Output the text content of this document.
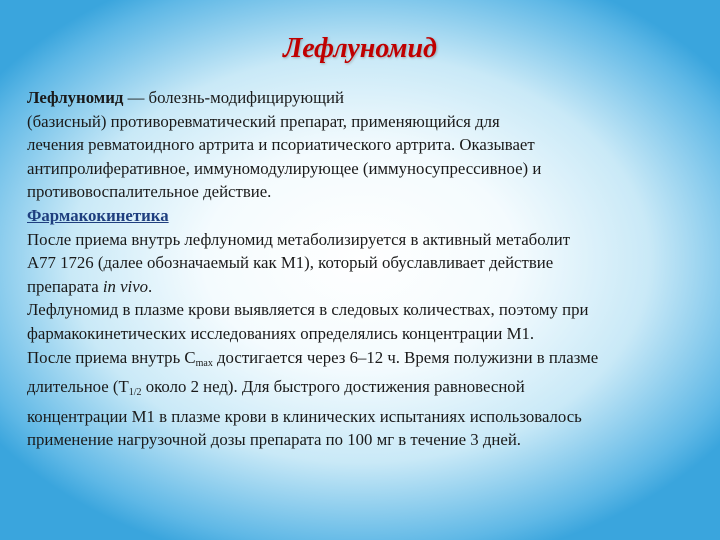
Лефлуномид
Лефлуномид — болезнь-модифицирующий
(базисный) противоревматический препарат, применяющийся для
лечения ревматоидного артрита и псориатического артрита. Оказывает
антипролиферативное, иммуномодулирующее (иммуносупрессивное) и
противовоспалительное действие.
Фармакокинетика
После приема внутрь лефлуномид метаболизируется в активный метаболит
A77 1726 (далее обозначаемый как М1), который обуславливает действие
препарата in vivo.
Лефлуномид в плазме крови выявляется в следовых количествах, поэтому при
фармакокинетических исследованиях определялись концентрации М1.
После приема внутрь $С_{max}$ достигается через 6–12 ч. Время полужизни в плазме
длительное ($Т_{1/2}$ около 2 нед). Для быстрого достижения равновесной
концентрации М1 в плазме крови в клинических испытаниях использовалось
применение нагрузочной дозы препарата по 100 мг в течение 3 дней.
